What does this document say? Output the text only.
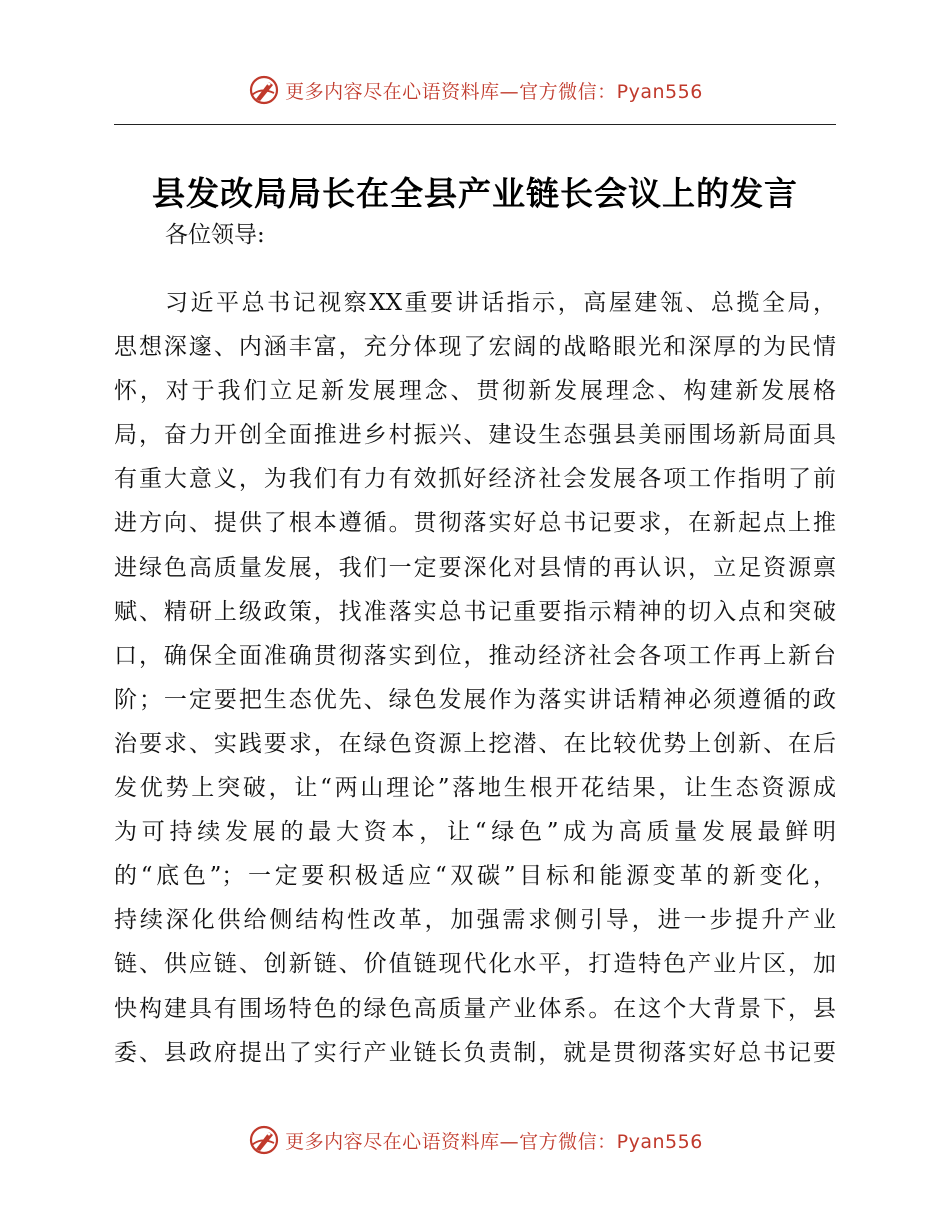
更多内容尽在心语资料库—官方微信：Pyan556
县发改局局长在全县产业链长会议上的发言
各位领导:
习近平总书记视察XX重要讲话指示，高屋建瓴、总揽全局，
思想深邃、内涵丰富，充分体现了宏阔的战略眼光和深厚的为民情
怀，对于我们立足新发展理念、贯彻新发展理念、构建新发展格
局，奋力开创全面推进乡村振兴、建设生态强县美丽围场新局面具
有重大意义，为我们有力有效抓好经济社会发展各项工作指明了前
进方向、提供了根本遵循。贯彻落实好总书记要求，在新起点上推
进绿色高质量发展，我们一定要深化对县情的再认识，立足资源禀
赋、精研上级政策，找准落实总书记重要指示精神的切入点和突破
口，确保全面准确贯彻落实到位，推动经济社会各项工作再上新台
阶；一定要把生态优先、绿色发展作为落实讲话精神必须遵循的政
治要求、实践要求，在绿色资源上挖潜、在比较优势上创新、在后
发优势上突破，让“两山理论”落地生根开花结果，让生态资源成
为可持续发展的最大资本，让“绿色”成为高质量发展最鲜明
的“底色”；一定要积极适应“双碳”目标和能源变革的新变化，
持续深化供给侧结构性改革，加强需求侧引导，进一步提升产业
链、供应链、创新链、价值链现代化水平，打造特色产业片区，加
快构建具有围场特色的绿色高质量产业体系。在这个大背景下，县
委、县政府提出了实行产业链长负责制，就是贯彻落实好总书记要
更多内容尽在心语资料库—官方微信：Pyan556
